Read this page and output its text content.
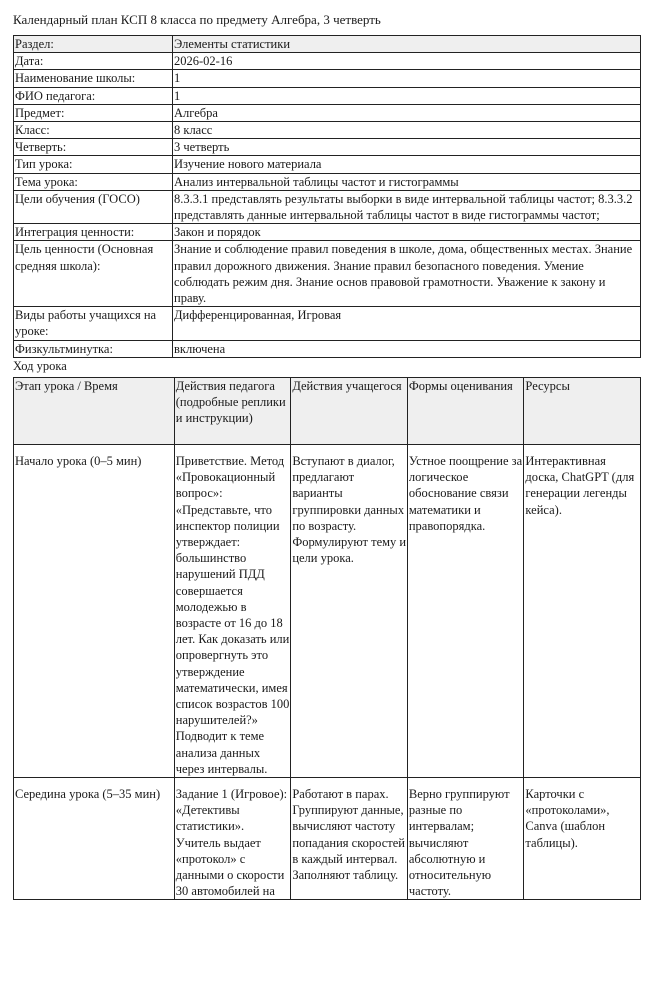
Календарный план КСП 8 класса по предмету Алгебра, 3 четверть
Раздел:	Элементы статистики
Дата:	2026-02-16
Наименование школы:	1
ФИО педагога:	1
Предмет:	Алгебра
Класс:	8 класс
Четверть:	3 четверть
Тип урока:	Изучение нового материала
Тема урока:	Анализ интервальной таблицы частот и гистограммы
Цели обучения (ГОСО)	8.3.3.1 представлять результаты выборки в виде интервальной таблицы частот; 8.3.3.2 представлять данные интервальной таблицы частот в виде гистограммы частот;
Интеграция ценности:	Закон и порядок
Цель ценности (Основная средняя школа):	Знание и соблюдение правил поведения в школе, дома, общественных местах. Знание правил дорожного движения. Знание правил безопасного поведения. Умение соблюдать режим дня. Знание основ правовой грамотности. Уважение к закону и праву.
Виды работы учащихся на уроке:	Дифференцированная, Игровая
Физкультминутка:	включена
Ход урока
Этап урока / Время	Действия педагога (подробные реплики и инструкции)	Действия учащегося	Формы оценивания	Ресурсы
Начало урока (0–5 мин)	Приветствие. Метод «Провокационный вопрос»: «Представьте, что инспектор полиции утверждает: большинство нарушений ПДД совершается молодежью в возрасте от 16 до 18 лет. Как доказать или опровергнуть это утверждение математически, имея список возрастов 100 нарушителей?» Подводит к теме анализа данных через интервалы.	Вступают в диалог, предлагают варианты группировки данных по возрасту. Формулируют тему и цели урока.	Устное поощрение за логическое обоснование связи математики и правопорядка.	Интерактивная доска, ChatGPT (для генерации легенды кейса).
Середина урока (5–35 мин)	Задание 1 (Игровое): «Детективы статистики». Учитель выдает «протокол» с данными о скорости 30 автомобилей на	Работают в парах. Группируют данные, вычисляют частоту попадания скоростей в каждый интервал. Заполняют таблицу.	Верно группируют разные по интервалам; вычисляют абсолютную и относительную частоту.	Карточки с «протоколами», Canva (шаблон таблицы).
